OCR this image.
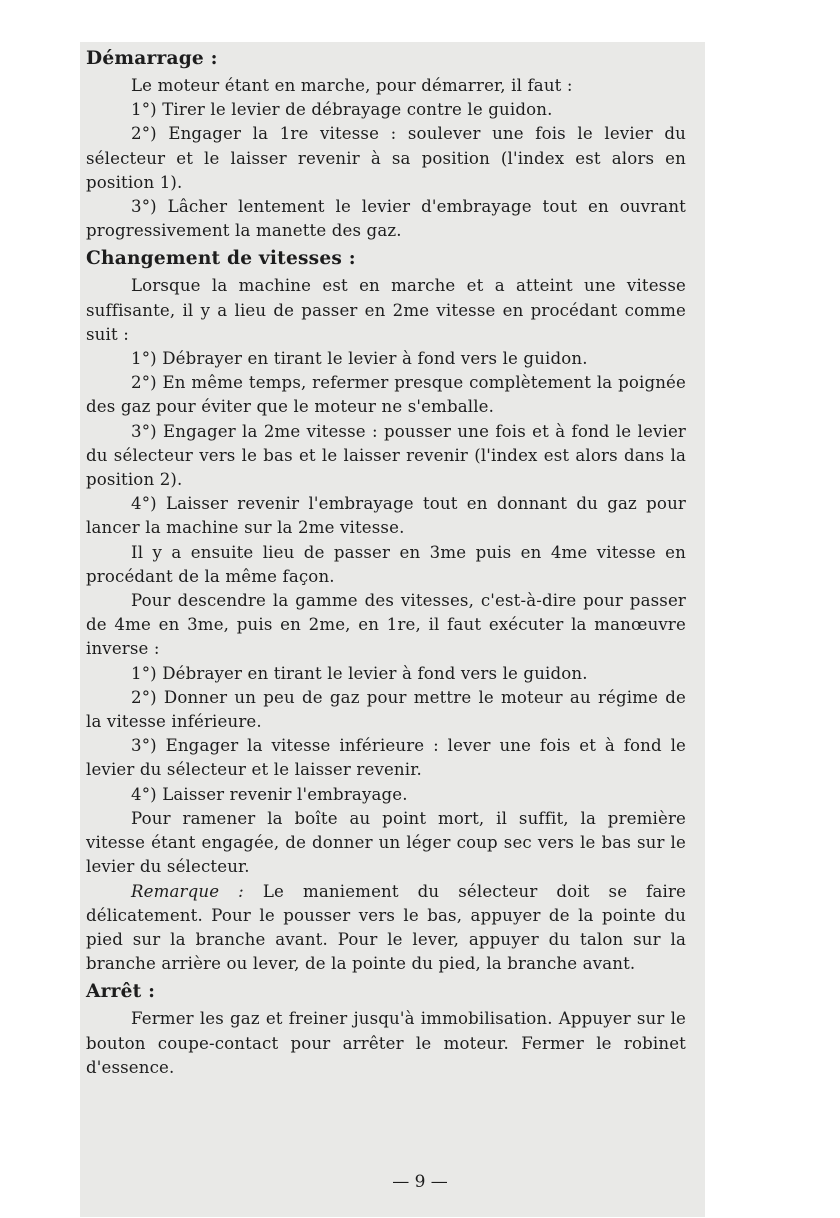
Démarrage :

Le moteur étant en marche, pour démarrer, il faut :

1°) Tirer le levier de débrayage contre le guidon.

2°) Engager la 1re vitesse : soulever une fois le levier du sélecteur et le laisser revenir à sa position (l'index est alors en position 1).

3°) Lâcher lentement le levier d'embrayage tout en ouvrant progressivement la manette des gaz.

Changement de vitesses :

Lorsque la machine est en marche et a atteint une vitesse suffisante, il y a lieu de passer en 2me vitesse en procédant comme suit :

1°) Débrayer en tirant le levier à fond vers le guidon.

2°) En même temps, refermer presque complètement la poignée des gaz pour éviter que le moteur ne s'emballe.

3°) Engager la 2me vitesse : pousser une fois et à fond le levier du sélecteur vers le bas et le laisser revenir (l'index est alors dans la position 2).

4°) Laisser revenir l'embrayage tout en donnant du gaz pour lancer la machine sur la 2me vitesse.

Il y a ensuite lieu de passer en 3me puis en 4me vitesse en procédant de la même façon.

Pour descendre la gamme des vitesses, c'est-à-dire pour passer de 4me en 3me, puis en 2me, en 1re, il faut exécuter la manœuvre inverse :

1°) Débrayer en tirant le levier à fond vers le guidon.

2°) Donner un peu de gaz pour mettre le moteur au régime de la vitesse inférieure.

3°) Engager la vitesse inférieure : lever une fois et à fond le levier du sélecteur et le laisser revenir.

4°) Laisser revenir l'embrayage.

Pour ramener la boîte au point mort, il suffit, la première vitesse étant engagée, de donner un léger coup sec vers le bas sur le levier du sélecteur.

Remarque : Le maniement du sélecteur doit se faire délicatement. Pour le pousser vers le bas, appuyer de la pointe du pied sur la branche avant. Pour le lever, appuyer du talon sur la branche arrière ou lever, de la pointe du pied, la branche avant.

Arrêt :

Fermer les gaz et freiner jusqu'à immobilisation. Appuyer sur le bouton coupe-contact pour arrêter le moteur. Fermer le robinet d'essence.

— 9 —
